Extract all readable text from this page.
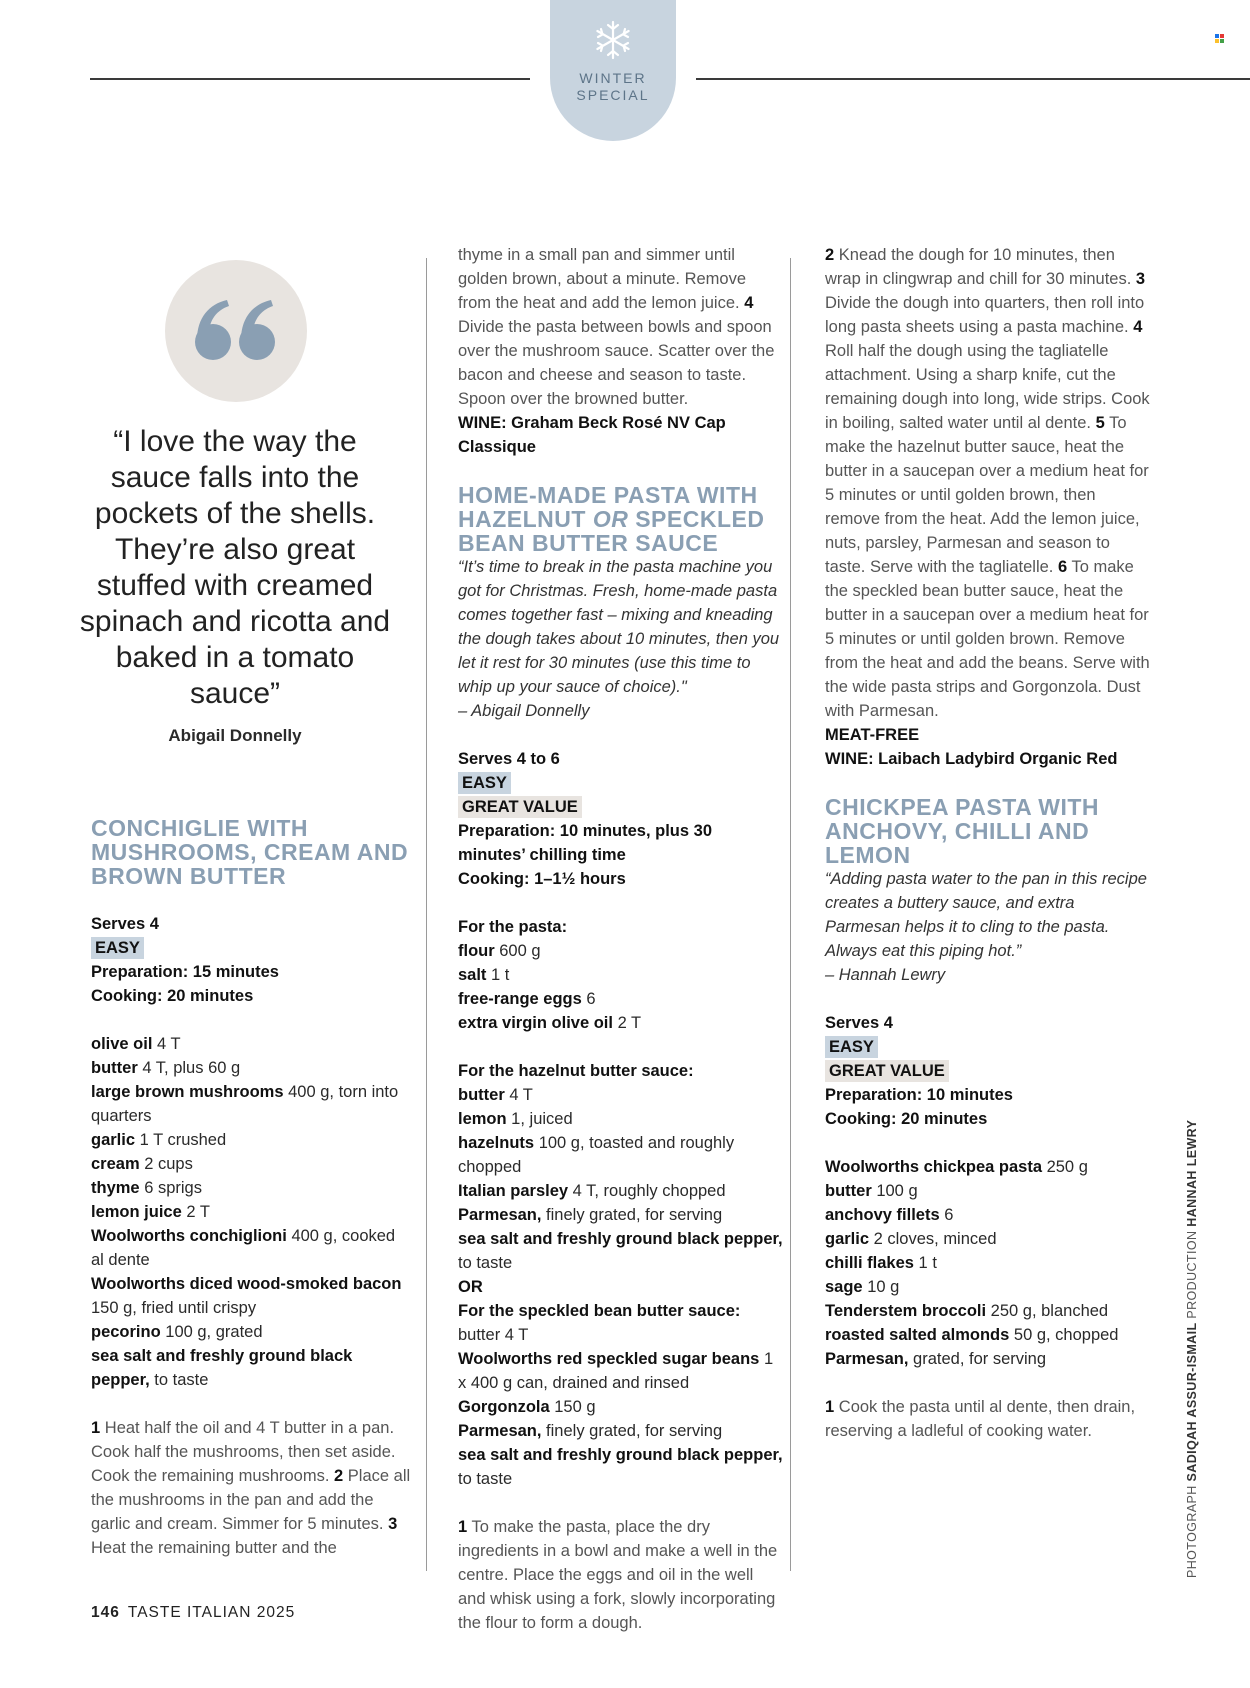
WINTER
SPECIAL
“I love the way the sauce falls into the pockets of the shells. They’re also great stuffed with creamed spinach and ricotta and baked in a tomato sauce”
Abigail Donnelly
CONCHIGLIE WITH MUSHROOMS, CREAM AND BROWN BUTTER

Serves 4

EASY

Preparation: 15 minutes

Cooking: 20 minutes

olive oil 4 T

butter 4 T, plus 60 g

large brown mushrooms 400 g, torn into quarters

garlic 1 T crushed

cream 2 cups

thyme 6 sprigs

lemon juice 2 T

Woolworths conchiglioni 400 g, cooked al dente

Woolworths diced wood-smoked bacon 150 g, fried until crispy

pecorino 100 g, grated

sea salt and freshly ground black pepper, to taste

1 Heat half the oil and 4 T butter in a pan. Cook half the mushrooms, then set aside. Cook the remaining mushrooms. 2 Place all the mushrooms in the pan and add the garlic and cream. Simmer for 5 minutes. 3 Heat the remaining butter and the

thyme in a small pan and simmer until golden brown, about a minute. Remove from the heat and add the lemon juice. 4 Divide the pasta between bowls and spoon over the mushroom sauce. Scatter over the bacon and cheese and season to taste. Spoon over the browned butter.

WINE: Graham Beck Rosé NV Cap Classique

HOME-MADE PASTA WITH HAZELNUT OR SPECKLED BEAN BUTTER SAUCE

“It’s time to break in the pasta machine you got for Christmas. Fresh, home-made pasta comes together fast – mixing and kneading the dough takes about 10 minutes, then you let it rest for 30 minutes (use this time to whip up your sauce of choice)."

– Abigail Donnelly

Serves 4 to 6

EASY
GREAT VALUE

Preparation: 10 minutes, plus 30 minutes’ chilling time

Cooking: 1–1½ hours

For the pasta:

flour 600 g

salt 1 t

free-range eggs 6

extra virgin olive oil 2 T

For the hazelnut butter sauce:

butter 4 T

lemon 1, juiced

hazelnuts 100 g, toasted and roughly chopped

Italian parsley 4 T, roughly chopped

Parmesan, finely grated, for serving

sea salt and freshly ground black pepper, to taste

OR

For the speckled bean butter sauce:

butter 4 T

Woolworths red speckled sugar beans 1 x 400 g can, drained and rinsed

Gorgonzola 150 g

Parmesan, finely grated, for serving

sea salt and freshly ground black pepper, to taste

1 To make the pasta, place the dry ingredients in a bowl and make a well in the centre. Place the eggs and oil in the well and whisk using a fork, slowly incorporating the flour to form a dough.

2 Knead the dough for 10 minutes, then wrap in clingwrap and chill for 30 minutes. 3 Divide the dough into quarters, then roll into long pasta sheets using a pasta machine. 4 Roll half the dough using the tagliatelle attachment. Using a sharp knife, cut the remaining dough into long, wide strips. Cook in boiling, salted water until al dente. 5 To make the hazelnut butter sauce, heat the butter in a saucepan over a medium heat for 5 minutes or until golden brown, then remove from the heat. Add the lemon juice, nuts, parsley, Parmesan and season to taste. Serve with the tagliatelle. 6 To make the speckled bean butter sauce, heat the butter in a saucepan over a medium heat for 5 minutes or until golden brown. Remove from the heat and add the beans. Serve with the wide pasta strips and Gorgonzola. Dust with Parmesan.

MEAT-FREE

WINE: Laibach Ladybird Organic Red

CHICKPEA PASTA WITH ANCHOVY, CHILLI AND LEMON

“Adding pasta water to the pan in this recipe creates a buttery sauce, and extra Parmesan helps it to cling to the pasta. Always eat this piping hot.”

– Hannah Lewry

Serves 4

EASY
GREAT VALUE

Preparation: 10 minutes

Cooking: 20 minutes

Woolworths chickpea pasta 250 g

butter 100 g

anchovy fillets 6

garlic 2 cloves, minced

chilli flakes 1 t

sage 10 g

Tenderstem broccoli 250 g, blanched

roasted salted almonds 50 g, chopped

Parmesan, grated, for serving

1 Cook the pasta until al dente, then drain, reserving a ladleful of cooking water.

146 TASTE ITALIAN 2025
PHOTOGRAPH SADIQAH ASSUR-ISMAIL PRODUCTION HANNAH LEWRY
